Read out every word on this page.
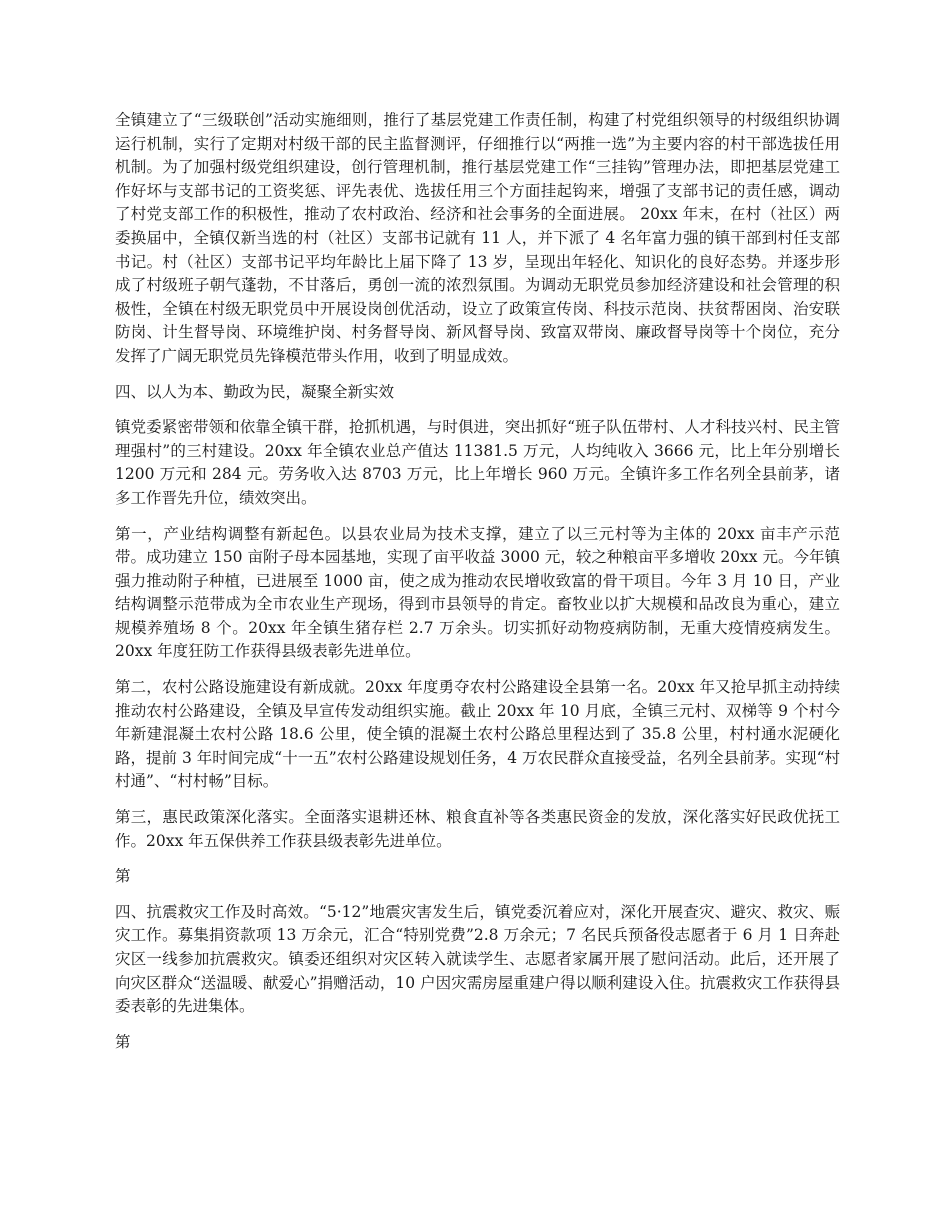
全镇建立了“三级联创”活动实施细则，推行了基层党建工作责任制，构建了村党组织领导的村级组织协调运行机制，实行了定期对村级干部的民主监督测评，仔细推行以“两推一选”为主要内容的村干部选拔任用机制。为了加强村级党组织建设，创行管理机制，推行基层党建工作“三挂钩”管理办法，即把基层党建工作好坏与支部书记的工资奖惩、评先表优、选拔任用三个方面挂起钩来，增强了支部书记的责任感，调动了村党支部工作的积极性，推动了农村政治、经济和社会事务的全面进展。 20xx 年末，在村（社区）两委换届中，全镇仅新当选的村（社区）支部书记就有 11 人，并下派了 4 名年富力强的镇干部到村任支部书记。村（社区）支部书记平均年龄比上届下降了 13 岁，呈现出年轻化、知识化的良好态势。并逐步形成了村级班子朝气蓬勃，不甘落后，勇创一流的浓烈氛围。为调动无职党员参加经济建设和社会管理的积极性，全镇在村级无职党员中开展设岗创优活动，设立了政策宣传岗、科技示范岗、扶贫帮困岗、治安联防岗、计生督导岗、环境维护岗、村务督导岗、新风督导岗、致富双带岗、廉政督导岗等十个岗位，充分发挥了广阔无职党员先锋模范带头作用，收到了明显成效。

四、以人为本、勤政为民，凝聚全新实效

镇党委紧密带领和依靠全镇干群，抢抓机遇，与时俱进，突出抓好“班子队伍带村、人才科技兴村、民主管理强村”的三村建设。20xx 年全镇农业总产值达 11381.5 万元，人均纯收入 3666 元，比上年分别增长 1200 万元和 284 元。劳务收入达 8703 万元，比上年增长 960 万元。全镇许多工作名列全县前茅，诸多工作晋先升位，绩效突出。

第一，产业结构调整有新起色。以县农业局为技术支撑，建立了以三元村等为主体的 20xx 亩丰产示范带。成功建立 150 亩附子母本园基地，实现了亩平收益 3000 元，较之种粮亩平多增收 20xx 元。今年镇强力推动附子种植，已进展至 1000 亩，使之成为推动农民增收致富的骨干项目。今年 3 月 10 日，产业结构调整示范带成为全市农业生产现场，得到市县领导的肯定。畜牧业以扩大规模和品改良为重心，建立规模养殖场 8 个。20xx 年全镇生猪存栏 2.7 万余头。切实抓好动物疫病防制，无重大疫情疫病发生。20xx 年度狂防工作获得县级表彰先进单位。

第二，农村公路设施建设有新成就。20xx 年度勇夺农村公路建设全县第一名。20xx 年又抢早抓主动持续推动农村公路建设，全镇及早宣传发动组织实施。截止 20xx 年 10 月底，全镇三元村、双梯等 9 个村今年新建混凝土农村公路 18.6 公里，使全镇的混凝土农村公路总里程达到了 35.8 公里，村村通水泥硬化路，提前 3 年时间完成“十一五”农村公路建设规划任务，4 万农民群众直接受益，名列全县前茅。实现“村村通”、“村村畅”目标。

第三，惠民政策深化落实。全面落实退耕还林、粮食直补等各类惠民资金的发放，深化落实好民政优抚工作。20xx 年五保供养工作获县级表彰先进单位。

第

四、抗震救灾工作及时高效。“5·12”地震灾害发生后，镇党委沉着应对，深化开展查灾、避灾、救灾、赈灾工作。募集捐资款项 13 万余元，汇合“特别党费”2.8 万余元；7 名民兵预备役志愿者于 6 月 1 日奔赴灾区一线参加抗震救灾。镇委还组织对灾区转入就读学生、志愿者家属开展了慰问活动。此后，还开展了向灾区群众“送温暖、献爱心”捐赠活动，10 户因灾需房屋重建户得以顺利建设入住。抗震救灾工作获得县委表彰的先进集体。

第
